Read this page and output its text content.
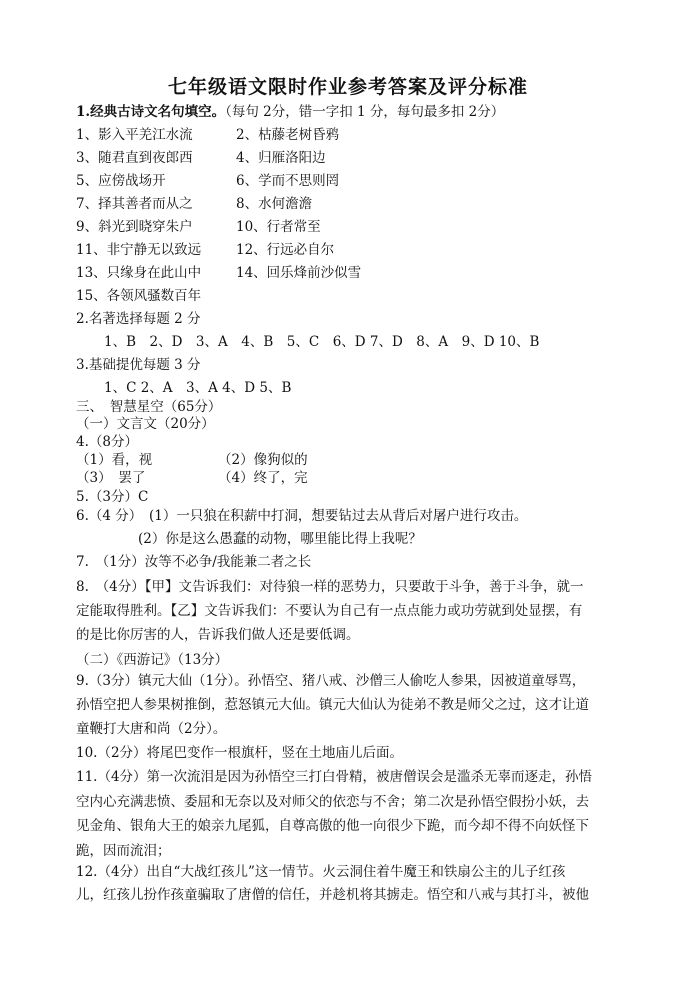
七年级语文限时作业参考答案及评分标准
1.经典古诗文名句填空。（每句 2分，错一字扣 1 分，每句最多扣 2分）
1、影入平羌江水流	2、枯藤老树昏鸦
3、随君直到夜郎西	4、归雁洛阳边
5、应傍战场开	6、学而不思则罔
7、择其善者而从之	8、水何澹澹
9、斜光到晓穿朱户	10、行者常至
11、非宁静无以致远	12、行远必自尔
13、只缘身在此山中	14、回乐烽前沙似雪
15、各领风骚数百年
2.名著选择每题 2 分
1、B　2、D　3、A　4、B　5、C　6、D 7、D　8、A　9、D 10、B
3.基础提优每题 3 分
1、C 2、A　3、A 4、D 5、B
三、　智慧星空（65分）
（一）文言文（20分）
4.（8分）
（1）看，视	（2）像狗似的
（3）　罢了	（4）终了，完
5.（3分）C
6.（4 分）　(1）一只狼在积薪中打洞，想要钻过去从背后对屠户进行攻击。
(2）你是这么愚蠢的动物，哪里能比得上我呢？
7.　（1分）汝等不必争/我能兼二者之长
8.　（4分）【甲】文告诉我们：对待狼一样的恶势力，只要敢于斗争，善于斗争，就一
定能取得胜利。【乙】文告诉我们：不要认为自己有一点点能力或功劳就到处显摆，有
的是比你厉害的人，告诉我们做人还是要低调。
（二）《西游记》（13分）
9.（3分）镇元大仙（1分）。孙悟空、猪八戒、沙僧三人偷吃人参果，因被道童辱骂，
孙悟空把人参果树推倒，惹怒镇元大仙。镇元大仙认为徒弟不教是师父之过，这才让道
童鞭打大唐和尚（2分）。
10.（2分）将尾巴变作一根旗杆，竖在土地庙儿后面。
11.（4分）第一次流泪是因为孙悟空三打白骨精，被唐僧误会是滥杀无辜而逐走，孙悟
空内心充满悲愤、委屈和无奈以及对师父的依恋与不舍；第二次是孙悟空假扮小妖，去
见金角、银角大王的娘亲九尾狐，自尊高傲的他一向很少下跪，而今却不得不向妖怪下
跪，因而流泪；
12.（4分）出自“大战红孩儿”这一情节。火云洞住着牛魔王和铁扇公主的儿子红孩
儿，红孩儿扮作孩童骗取了唐僧的信任，并趁机将其掳走。悟空和八戒与其打斗，被他
